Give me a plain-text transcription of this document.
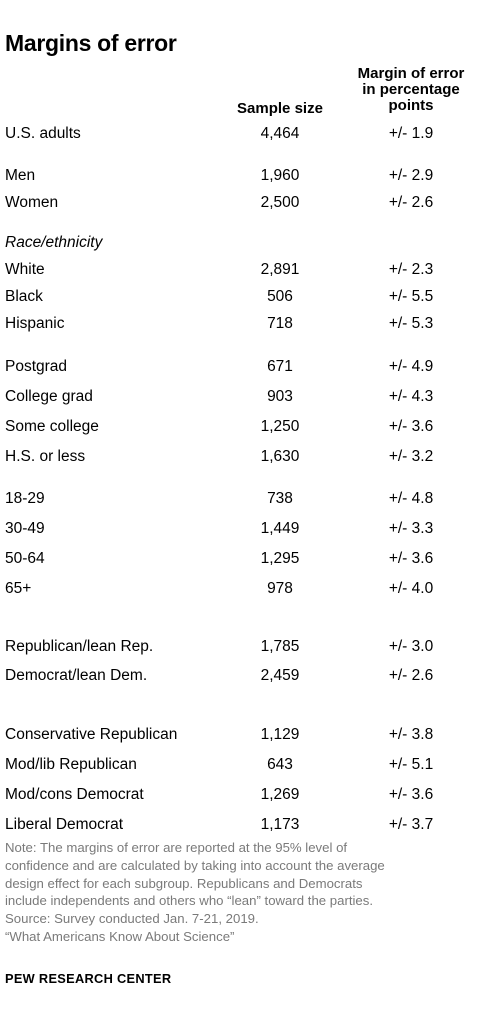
Margins of error
Margin of error
in percentage
points
Sample size
U.S. adults	4,464	+/- 1.9
Men	1,960	+/- 2.9
Women	2,500	+/- 2.6
Race/ethnicity
White	2,891	+/- 2.3
Black	506	+/- 5.5
Hispanic	718	+/- 5.3
Postgrad	671	+/- 4.9
College grad	903	+/- 4.3
Some college	1,250	+/- 3.6
H.S. or less	1,630	+/- 3.2
18-29	738	+/- 4.8
30-49	1,449	+/- 3.3
50-64	1,295	+/- 3.6
65+	978	+/- 4.0
Republican/lean Rep.	1,785	+/- 3.0
Democrat/lean Dem.	2,459	+/- 2.6
Conservative Republican	1,129	+/- 3.8
Mod/lib Republican	643	+/- 5.1
Mod/cons Democrat	1,269	+/- 3.6
Liberal Democrat	1,173	+/- 3.7
Note: The margins of error are reported at the 95% level of
confidence and are calculated by taking into account the average
design effect for each subgroup. Republicans and Democrats
include independents and others who “lean” toward the parties.
Source: Survey conducted Jan. 7-21, 2019.
“What Americans Know About Science”
PEW RESEARCH CENTER
